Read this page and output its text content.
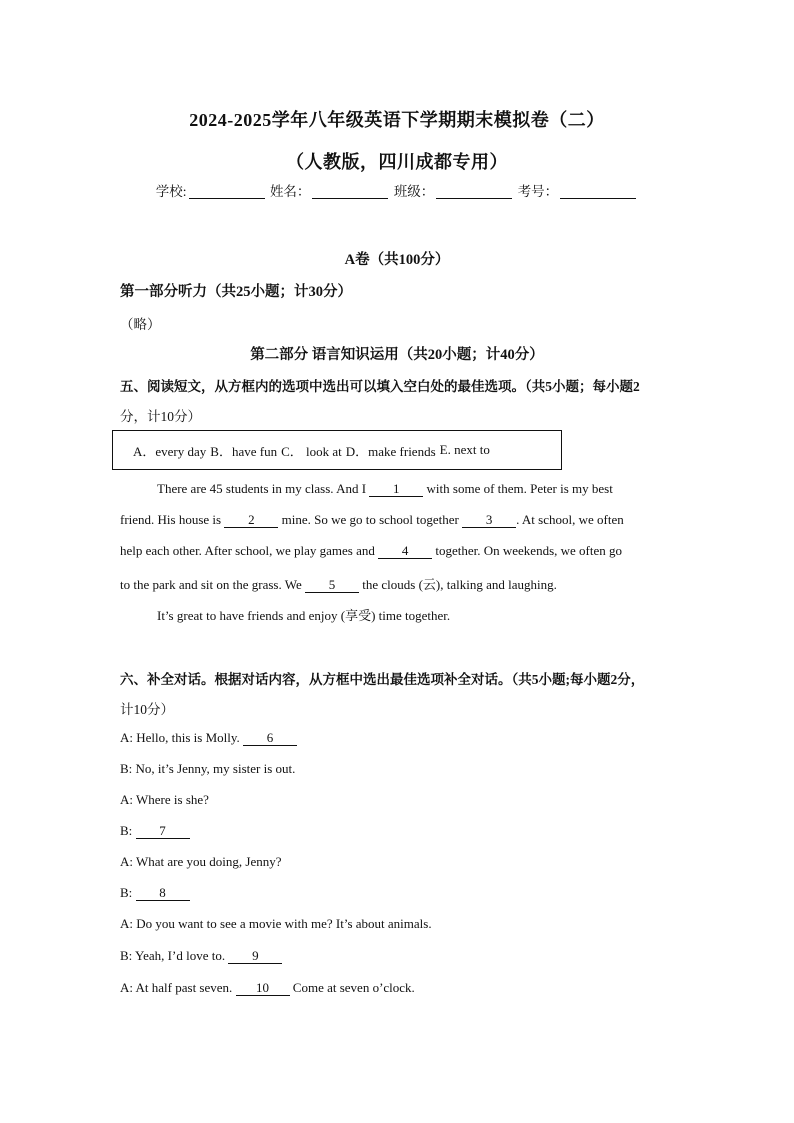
2024-2025学年八年级英语下学期期末模拟卷（二）
（人教版，四川成都专用）
学校:	姓名：	班级：	考号：
A卷（共100分）
第一部分听力（共25小题；计30分）
（略）
第二部分 语言知识运用（共20小题；计40分）
五、阅读短文，从方框内的选项中选出可以填入空白处的最佳选项。（共5小题；每小题2
分，计10分）
A．every day B．have fun C． look at D．make friends E. next to
There are 45 students in my class. And I 1 with some of them. Peter is my best
friend. His house is 2 mine. So we go to school together 3 . At school, we often
help each other. After school, we play games and 4 together. On weekends, we often go
to the park and sit on the grass. We 5 the clouds (云), talking and laughing.
It’s great to have friends and enjoy (享受) time together.
六、补全对话。根据对话内容，从方框中选出最佳选项补全对话。（共5小题;每小题2分，
计10分）
A: Hello, this is Molly. 6
B: No, it’s Jenny, my sister is out.
A: Where is she?
B: 7
A: What are you doing, Jenny?
B: 8
A: Do you want to see a movie with me? It’s about animals.
B: Yeah, I’d love to. 9
A: At half past seven. 10 Come at seven o’clock.
